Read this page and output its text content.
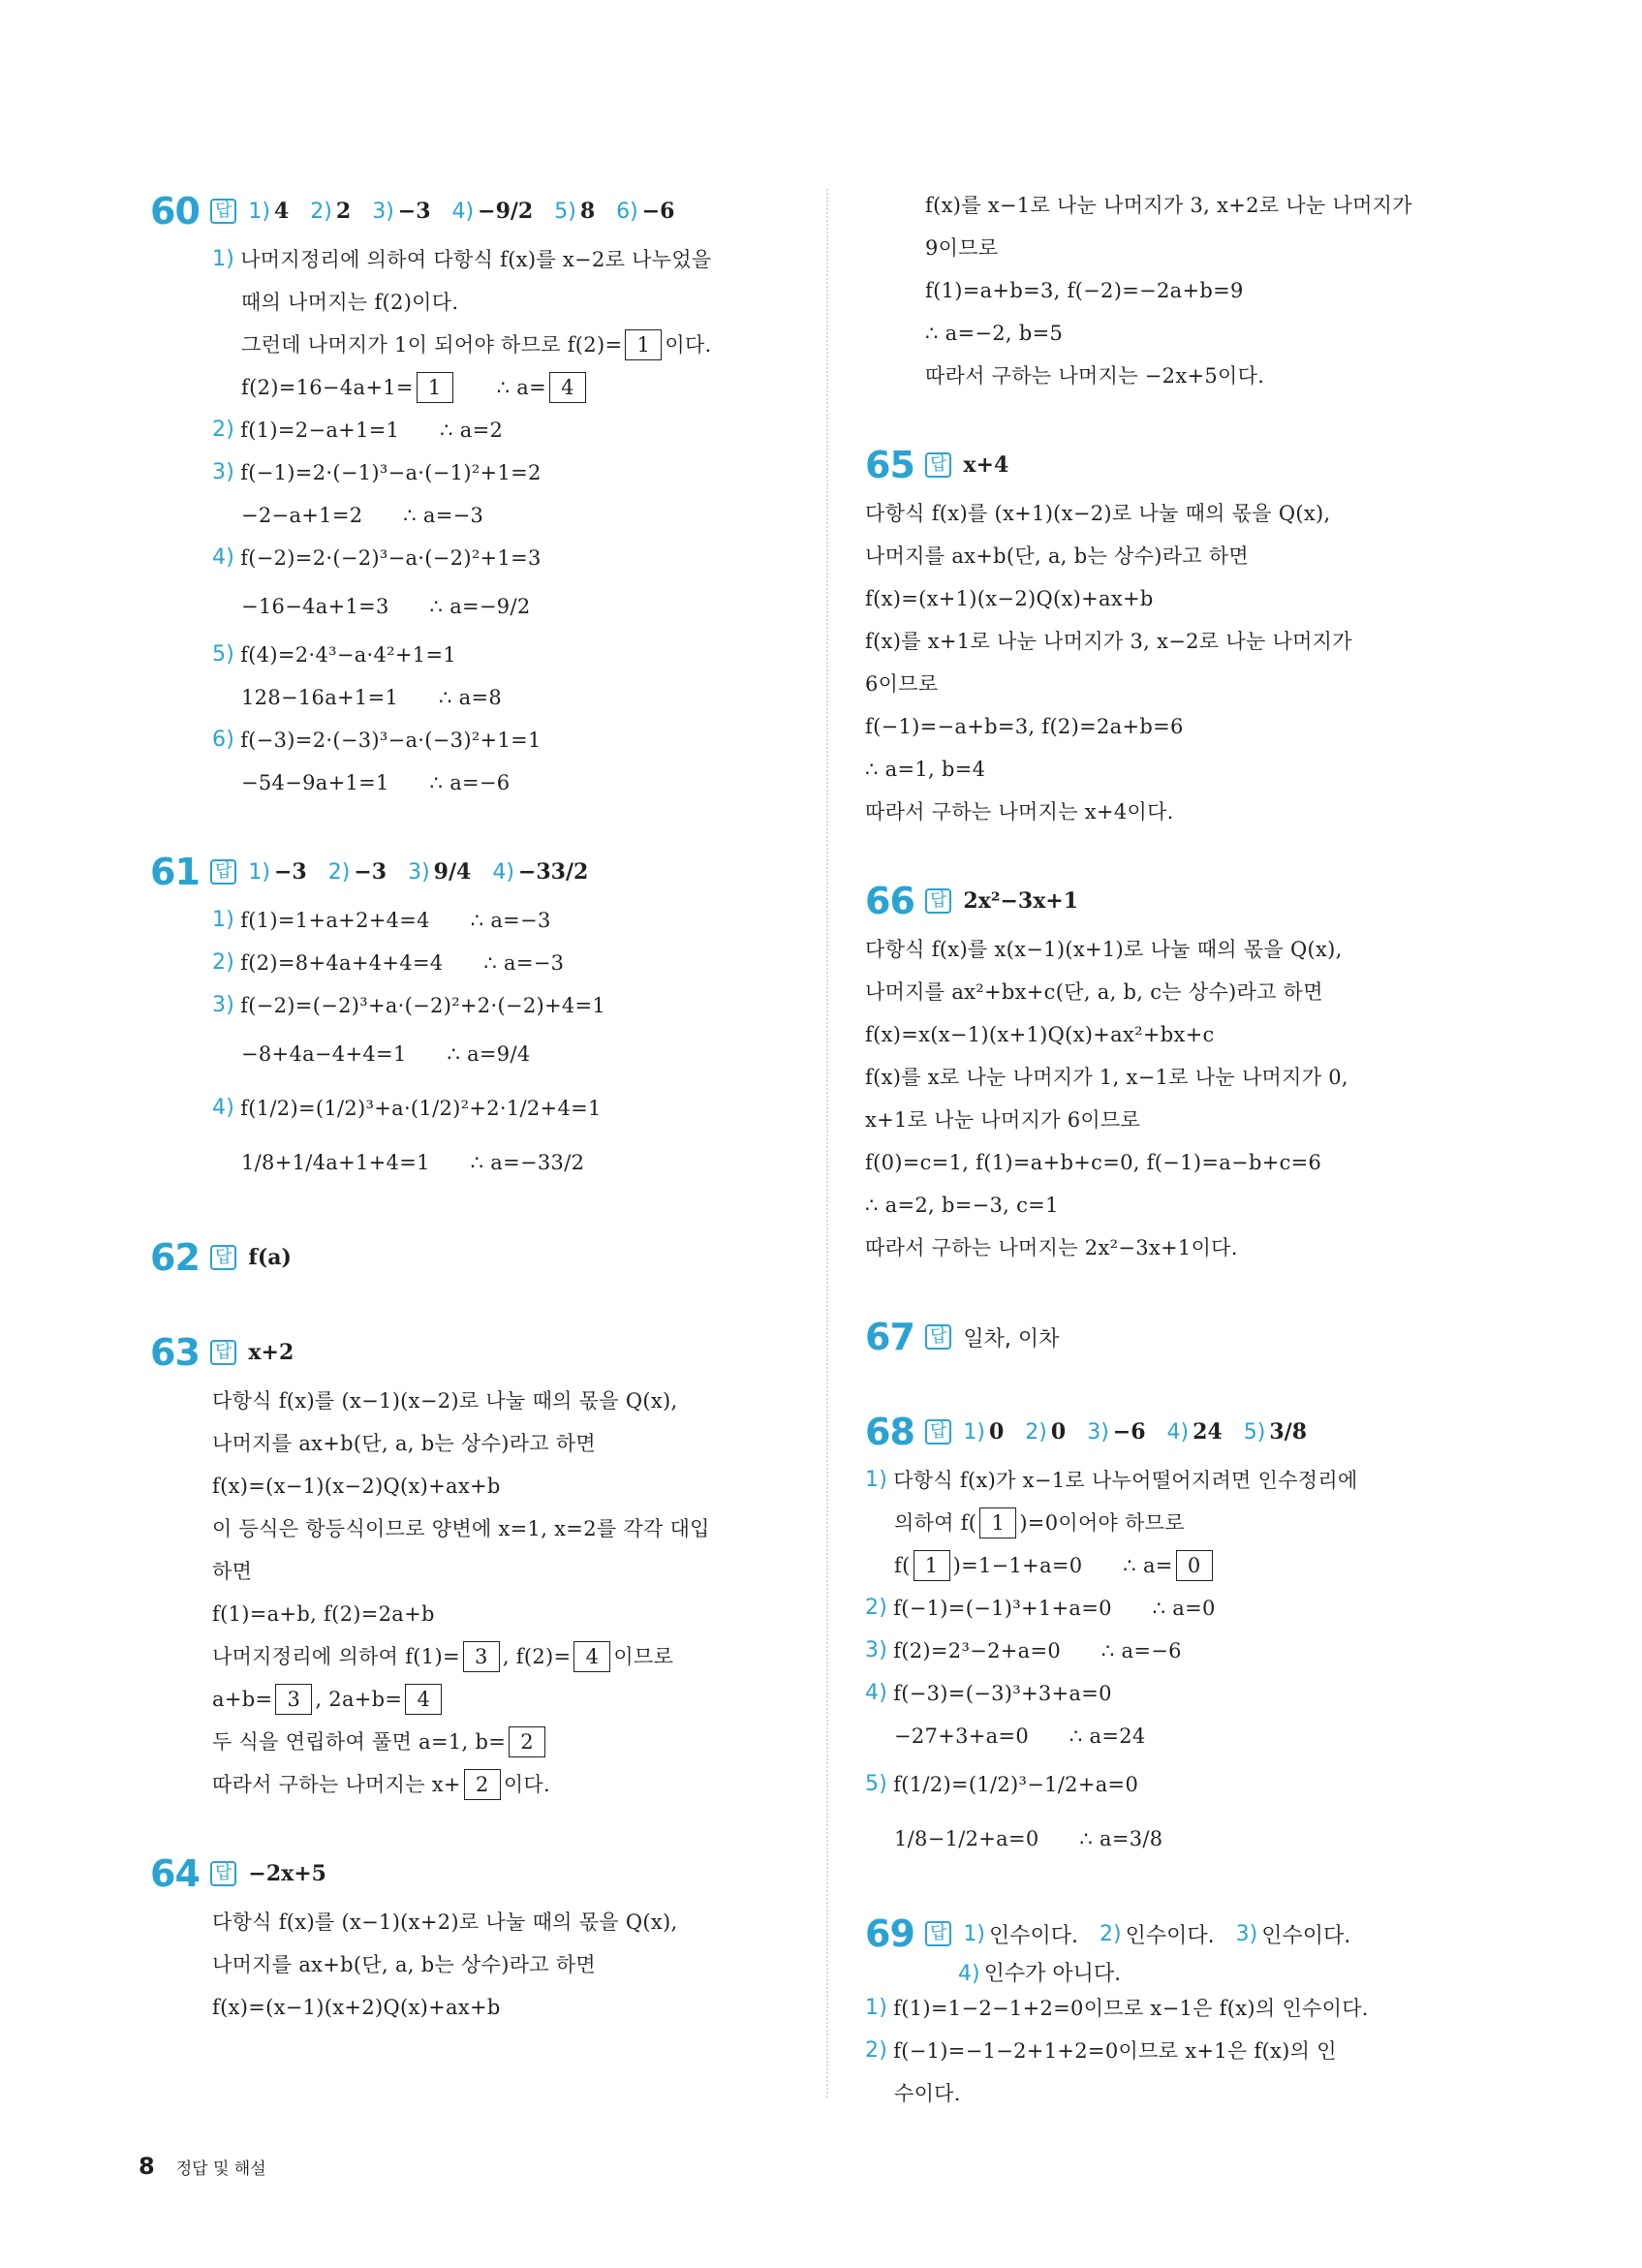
60 답 1) 4 2) 2 3) −3 4) −9/2 5) 8 6) −6
1) 나머지정리에 의하여 다항식 f(x)를 x−2로 나누었을
때의 나머지는 f(2)이다.
그런데 나머지가 1이 되어야 하므로 f(2)= 1 이다.
f(2)=16−4a+1= 1 ∴ a= 4
2) f(1)=2−a+1=1      ∴ a=2
3) f(−1)=2·(−1)³−a·(−1)²+1=2
−2−a+1=2      ∴ a=−3
4) f(−2)=2·(−2)³−a·(−2)²+1=3
−16−4a+1=3      ∴ a=−9/2
5) f(4)=2·4³−a·4²+1=1
128−16a+1=1      ∴ a=8
6) f(−3)=2·(−3)³−a·(−3)²+1=1
−54−9a+1=1      ∴ a=−6
61 답 1) −3 2) −3 3) 9/4 4) −33/2
1) f(1)=1+a+2+4=4      ∴ a=−3
2) f(2)=8+4a+4+4=4      ∴ a=−3
3) f(−2)=(−2)³+a·(−2)²+2·(−2)+4=1
−8+4a−4+4=1      ∴ a=9/4
4) f(1/2)=(1/2)³+a·(1/2)²+2·1/2+4=1
1/8+1/4a+1+4=1      ∴ a=−33/2
62 답 f(a)
63 답 x+2
다항식 f(x)를 (x−1)(x−2)로 나눌 때의 몫을 Q(x),
나머지를 ax+b(단, a, b는 상수)라고 하면
f(x)=(x−1)(x−2)Q(x)+ax+b
이 등식은 항등식이므로 양변에 x=1, x=2를 각각 대입
하면
f(1)=a+b, f(2)=2a+b
나머지정리에 의하여 f(1)= 3 , f(2)= 4 이므로
a+b= 3 , 2a+b= 4
두 식을 연립하여 풀면 a=1, b= 2
따라서 구하는 나머지는 x+ 2 이다.
64 답 −2x+5
다항식 f(x)를 (x−1)(x+2)로 나눌 때의 몫을 Q(x),
나머지를 ax+b(단, a, b는 상수)라고 하면
f(x)=(x−1)(x+2)Q(x)+ax+b
f(x)를 x−1로 나눈 나머지가 3, x+2로 나눈 나머지가
9이므로
f(1)=a+b=3, f(−2)=−2a+b=9
∴ a=−2, b=5
따라서 구하는 나머지는 −2x+5이다.
65 답 x+4
다항식 f(x)를 (x+1)(x−2)로 나눌 때의 몫을 Q(x),
나머지를 ax+b(단, a, b는 상수)라고 하면
f(x)=(x+1)(x−2)Q(x)+ax+b
f(x)를 x+1로 나눈 나머지가 3, x−2로 나눈 나머지가
6이므로
f(−1)=−a+b=3, f(2)=2a+b=6
∴ a=1, b=4
따라서 구하는 나머지는 x+4이다.
66 답 2x²−3x+1
다항식 f(x)를 x(x−1)(x+1)로 나눌 때의 몫을 Q(x),
나머지를 ax²+bx+c(단, a, b, c는 상수)라고 하면
f(x)=x(x−1)(x+1)Q(x)+ax²+bx+c
f(x)를 x로 나눈 나머지가 1, x−1로 나눈 나머지가 0,
x+1로 나눈 나머지가 6이므로
f(0)=c=1, f(1)=a+b+c=0, f(−1)=a−b+c=6
∴ a=2, b=−3, c=1
따라서 구하는 나머지는 2x²−3x+1이다.
67 답 일차, 이차
68 답 1) 0 2) 0 3) −6 4) 24 5) 3/8
1) 다항식 f(x)가 x−1로 나누어떨어지려면 인수정리에
의하여 f( 1 )=0이어야 하므로
f( 1 )=1−1+a=0      ∴ a= 0
2) f(−1)=(−1)³+1+a=0      ∴ a=0
3) f(2)=2³−2+a=0      ∴ a=−6
4) f(−3)=(−3)³+3+a=0
−27+3+a=0      ∴ a=24
5) f(1/2)=(1/2)³−1/2+a=0
1/8−1/2+a=0      ∴ a=3/8
69 답 1) 인수이다. 2) 인수이다. 3) 인수이다.
4) 인수가 아니다.
1) f(1)=1−2−1+2=0이므로 x−1은 f(x)의 인수이다.
2) f(−1)=−1−2+1+2=0이므로 x+1은 f(x)의 인
수이다.
8 정답 및 해설
